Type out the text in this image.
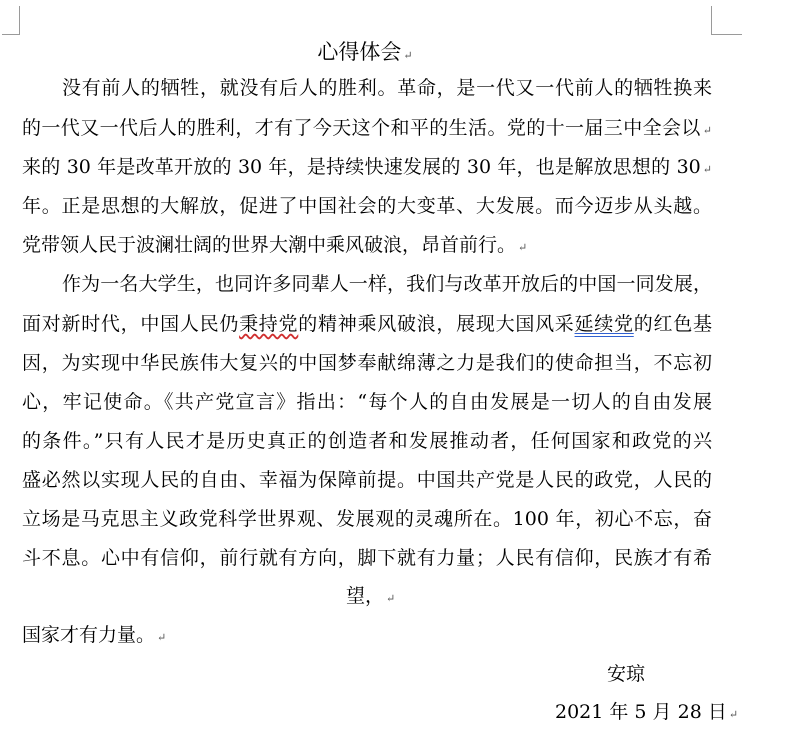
心得体会 ↵
没有前人的牺牲，就没有后人的胜利。革命，是一代又一代前人的牺牲换来
的一代又一代后人的胜利，才有了今天这个和平的生活。党的十一届三中全会以 ↵
来的 30 年是改革开放的 30 年，是持续快速发展的 30 年，也是解放思想的 30 ↵
年。正是思想的大解放，促进了中国社会的大变革、大发展。而今迈步从头越。
党带领人民于波澜壮阔的世界大潮中乘风破浪，昂首前行。 ↵
作为一名大学生，也同许多同辈人一样，我们与改革开放后的中国一同发展，
面对新时代，中国人民仍秉持党的精神乘风破浪，展现大国风采延续党的红色基
因，为实现中华民族伟大复兴的中国梦奉献绵薄之力是我们的使命担当，不忘初
心，牢记使命。《共产党宣言》指出：“每个人的自由发展是一切人的自由发展
的条件。”只有人民才是历史真正的创造者和发展推动者，任何国家和政党的兴
盛必然以实现人民的自由、幸福为保障前提。中国共产党是人民的政党，人民的
立场是马克思主义政党科学世界观、发展观的灵魂所在。100 年，初心不忘，奋
斗不息。心中有信仰，前行就有方向，脚下就有力量；人民有信仰，民族才有希
望， ↵
国家才有力量。 ↵
安琼
2021 年 5 月 28 日 ↵
